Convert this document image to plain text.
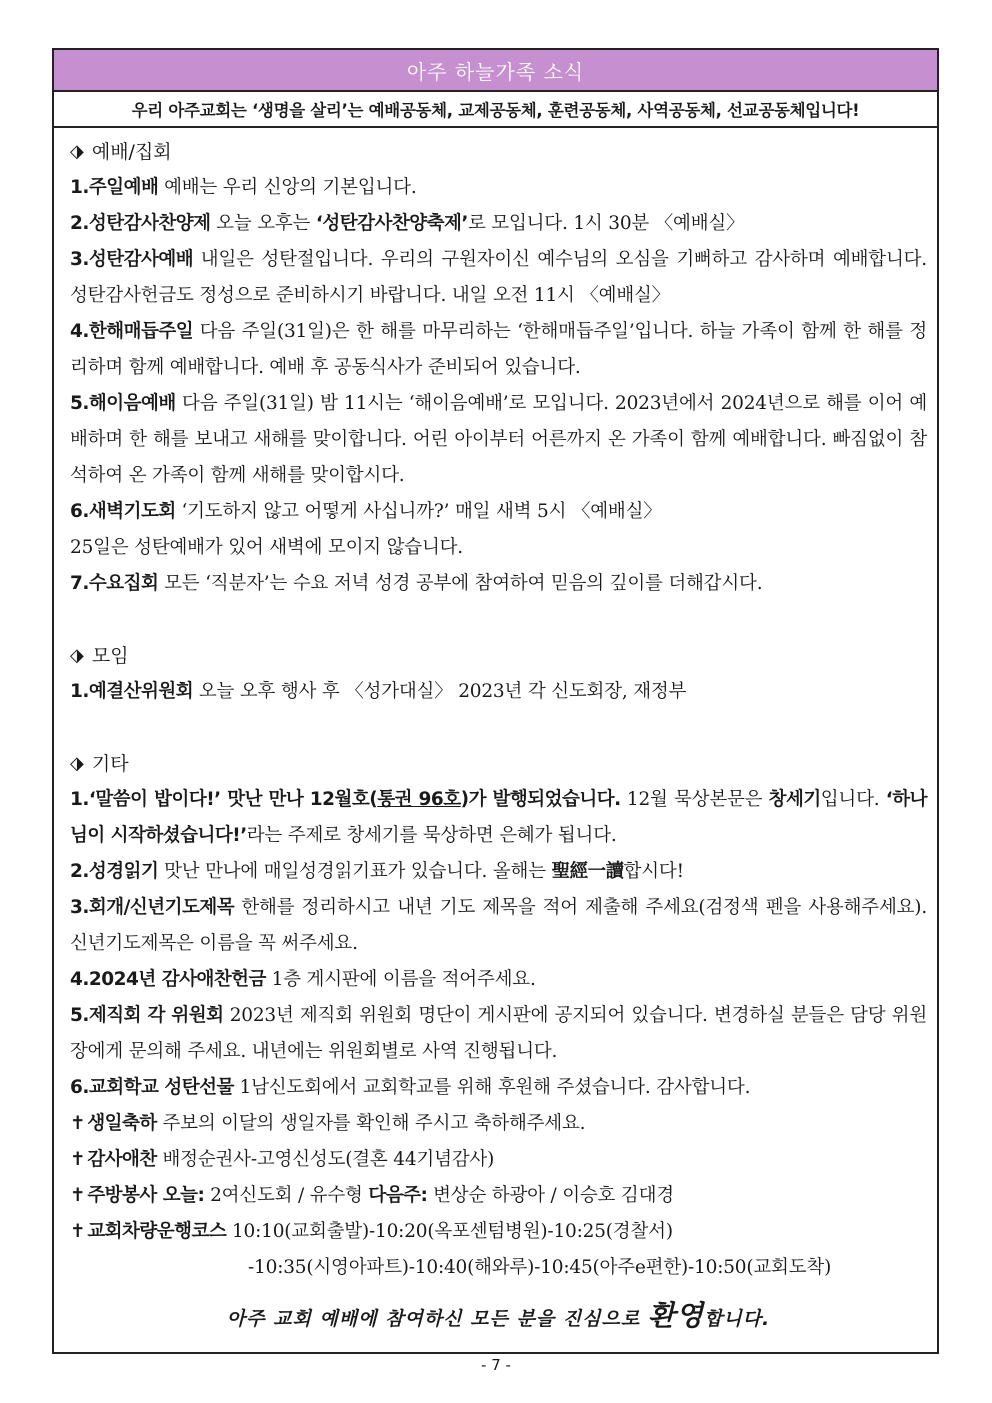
아주 하늘가족 소식
우리 아주교회는 ‘생명을 살리’는 예배공동체, 교제공동체, 훈련공동체, 사역공동체, 선교공동체입니다!
⬗ 예배/집회
1.주일예배 예배는 우리 신앙의 기본입니다.
2.성탄감사찬양제 오늘 오후는 ‘성탄감사찬양축제’로 모입니다. 1시 30분 〈예배실〉
3.성탄감사예배 내일은 성탄절입니다. 우리의 구원자이신 예수님의 오심을 기뻐하고 감사하며 예배합니다. 성탄감사헌금도 정성으로 준비하시기 바랍니다. 내일 오전 11시 〈예배실〉
4.한해매듭주일 다음 주일(31일)은 한 해를 마무리하는 ‘한해매듭주일’입니다. 하늘 가족이 함께 한 해를 정리하며 함께 예배합니다. 예배 후 공동식사가 준비되어 있습니다.
5.해이음예배 다음 주일(31일) 밤 11시는 ‘해이음예배’로 모입니다. 2023년에서 2024년으로 해를 이어 예배하며 한 해를 보내고 새해를 맞이합니다. 어린 아이부터 어른까지 온 가족이 함께 예배합니다. 빠짐없이 참석하여 온 가족이 함께 새해를 맞이합시다.
6.새벽기도회 ‘기도하지 않고 어떻게 사십니까?’ 매일 새벽 5시 〈예배실〉
25일은 성탄예배가 있어 새벽에 모이지 않습니다.
7.수요집회 모든 ‘직분자’는 수요 저녁 성경 공부에 참여하여 믿음의 깊이를 더해갑시다.
⬗ 모임
1.예결산위원회 오늘 오후 행사 후 〈성가대실〉 2023년 각 신도회장, 재정부
⬗ 기타
1.‘말씀이 밥이다!’ 맛난 만나 12월호(통권 96호)가 발행되었습니다. 12월 묵상본문은 창세기입니다. ‘하나님이 시작하셨습니다!’라는 주제로 창세기를 묵상하면 은혜가 됩니다.
2.성경읽기 맛난 만나에 매일성경읽기표가 있습니다. 올해는 聖經一讀합시다!
3.회개/신년기도제목 한해를 정리하시고 내년 기도 제목을 적어 제출해 주세요(검정색 펜을 사용해주세요). 신년기도제목은 이름을 꼭 써주세요.
4.2024년 감사애찬헌금 1층 게시판에 이름을 적어주세요.
5.제직회 각 위원회 2023년 제직회 위원회 명단이 게시판에 공지되어 있습니다. 변경하실 분들은 담당 위원장에게 문의해 주세요. 내년에는 위원회별로 사역 진행됩니다.
6.교회학교 성탄선물 1남신도회에서 교회학교를 위해 후원해 주셨습니다. 감사합니다.
✝ 생일축하 주보의 이달의 생일자를 확인해 주시고 축하해주세요.
✝ 감사애찬 배정순권사-고영신성도(결혼 44기념감사)
✝ 주방봉사 오늘: 2여신도회 / 유수형 다음주: 변상순 하광아 / 이승호 김대경
✝ 교회차량운행코스 10:10(교회출발)-10:20(옥포센텀병원)-10:25(경찰서)
-10:35(시영아파트)-10:40(해와루)-10:45(아주e편한)-10:50(교회도착)
아주 교회 예배에 참여하신 모든 분을 진심으로 환영합니다.
- 7 -
